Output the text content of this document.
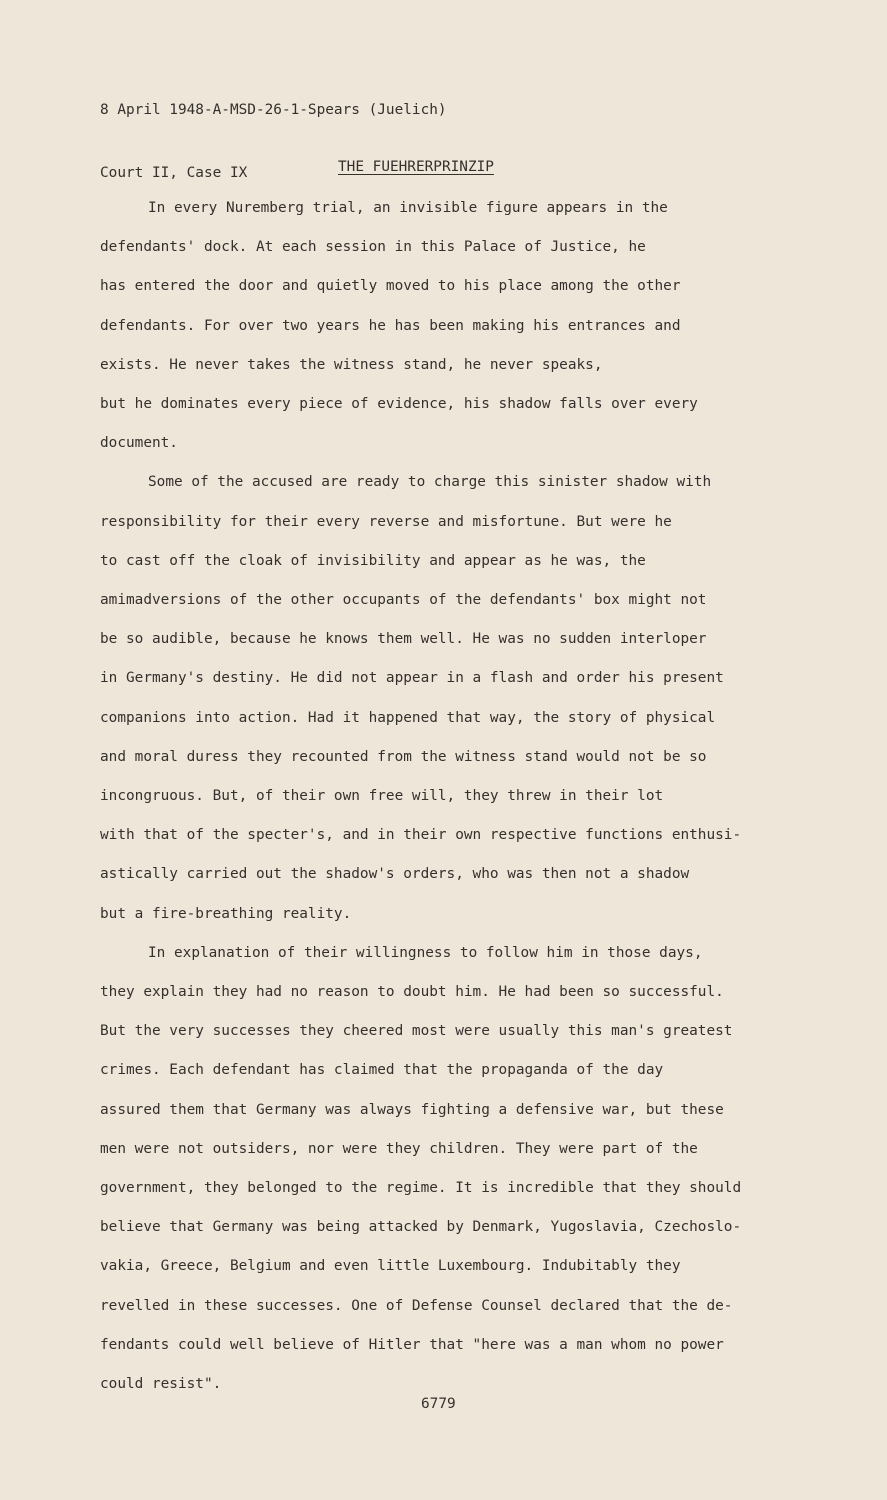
8 April 1948-A-MSD-26-1-Spears (Juelich)

Court II, Case IX

	THE FUEHRERPRINZIP
In every Nuremberg trial, an invisible figure appears in the
defendants' dock. At each session in this Palace of Justice, he
has entered the door and quietly moved to his place among the other
defendants. For over two years he has been making his entrances and
exists. He never takes the witness stand, he never speaks,
but he dominates every piece of evidence, his shadow falls over every
document.
Some of the accused are ready to charge this sinister shadow with
responsibility for their every reverse and misfortune. But were he
to cast off the cloak of invisibility and appear as he was, the
amimadversions of the other occupants of the defendants' box might not
be so audible, because he knows them well. He was no sudden interloper
in Germany's destiny. He did not appear in a flash and order his present
companions into action. Had it happened that way, the story of physical
and moral duress they recounted from the witness stand would not be so
incongruous. But, of their own free will, they threw in their lot
with that of the specter's, and in their own respective functions enthusi-
astically carried out the shadow's orders, who was then not a shadow
but a fire-breathing reality.
In explanation of their willingness to follow him in those days,
they explain they had no reason to doubt him. He had been so successful.
But the very successes they cheered most were usually this man's greatest
crimes. Each defendant has claimed that the propaganda of the day
assured them that Germany was always fighting a defensive war, but these
men were not outsiders, nor were they children. They were part of the
government, they belonged to the regime. It is incredible that they should
believe that Germany was being attacked by Denmark, Yugoslavia, Czechoslo-
vakia, Greece, Belgium and even little Luxembourg. Indubitably they
revelled in these successes. One of Defense Counsel declared that the de-
fendants could well believe of Hitler that "here was a man whom no power
could resist".
6779
